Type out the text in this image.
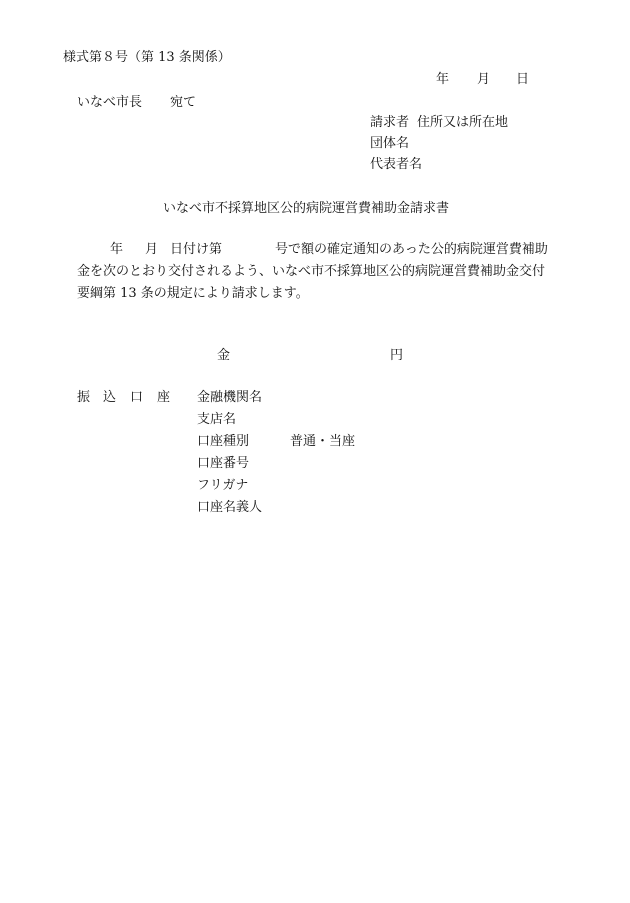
様式第８号（第 13 条関係）
年 月 日
いなべ市長 宛て
請求者 住所又は所在地
団体名
代表者名
いなべ市不採算地区公的病院運営費補助金請求書
年 月 日付け第	号で額の確定通知のあった公的病院運営費補助
金を次のとおり交付されるよう、いなべ市不採算地区公的病院運営費補助金交付
要綱第 13 条の規定により請求します。
金	円
振 込 口 座 金融機関名
支店名
口座種別	普通・当座
口座番号
フリガナ
口座名義人
